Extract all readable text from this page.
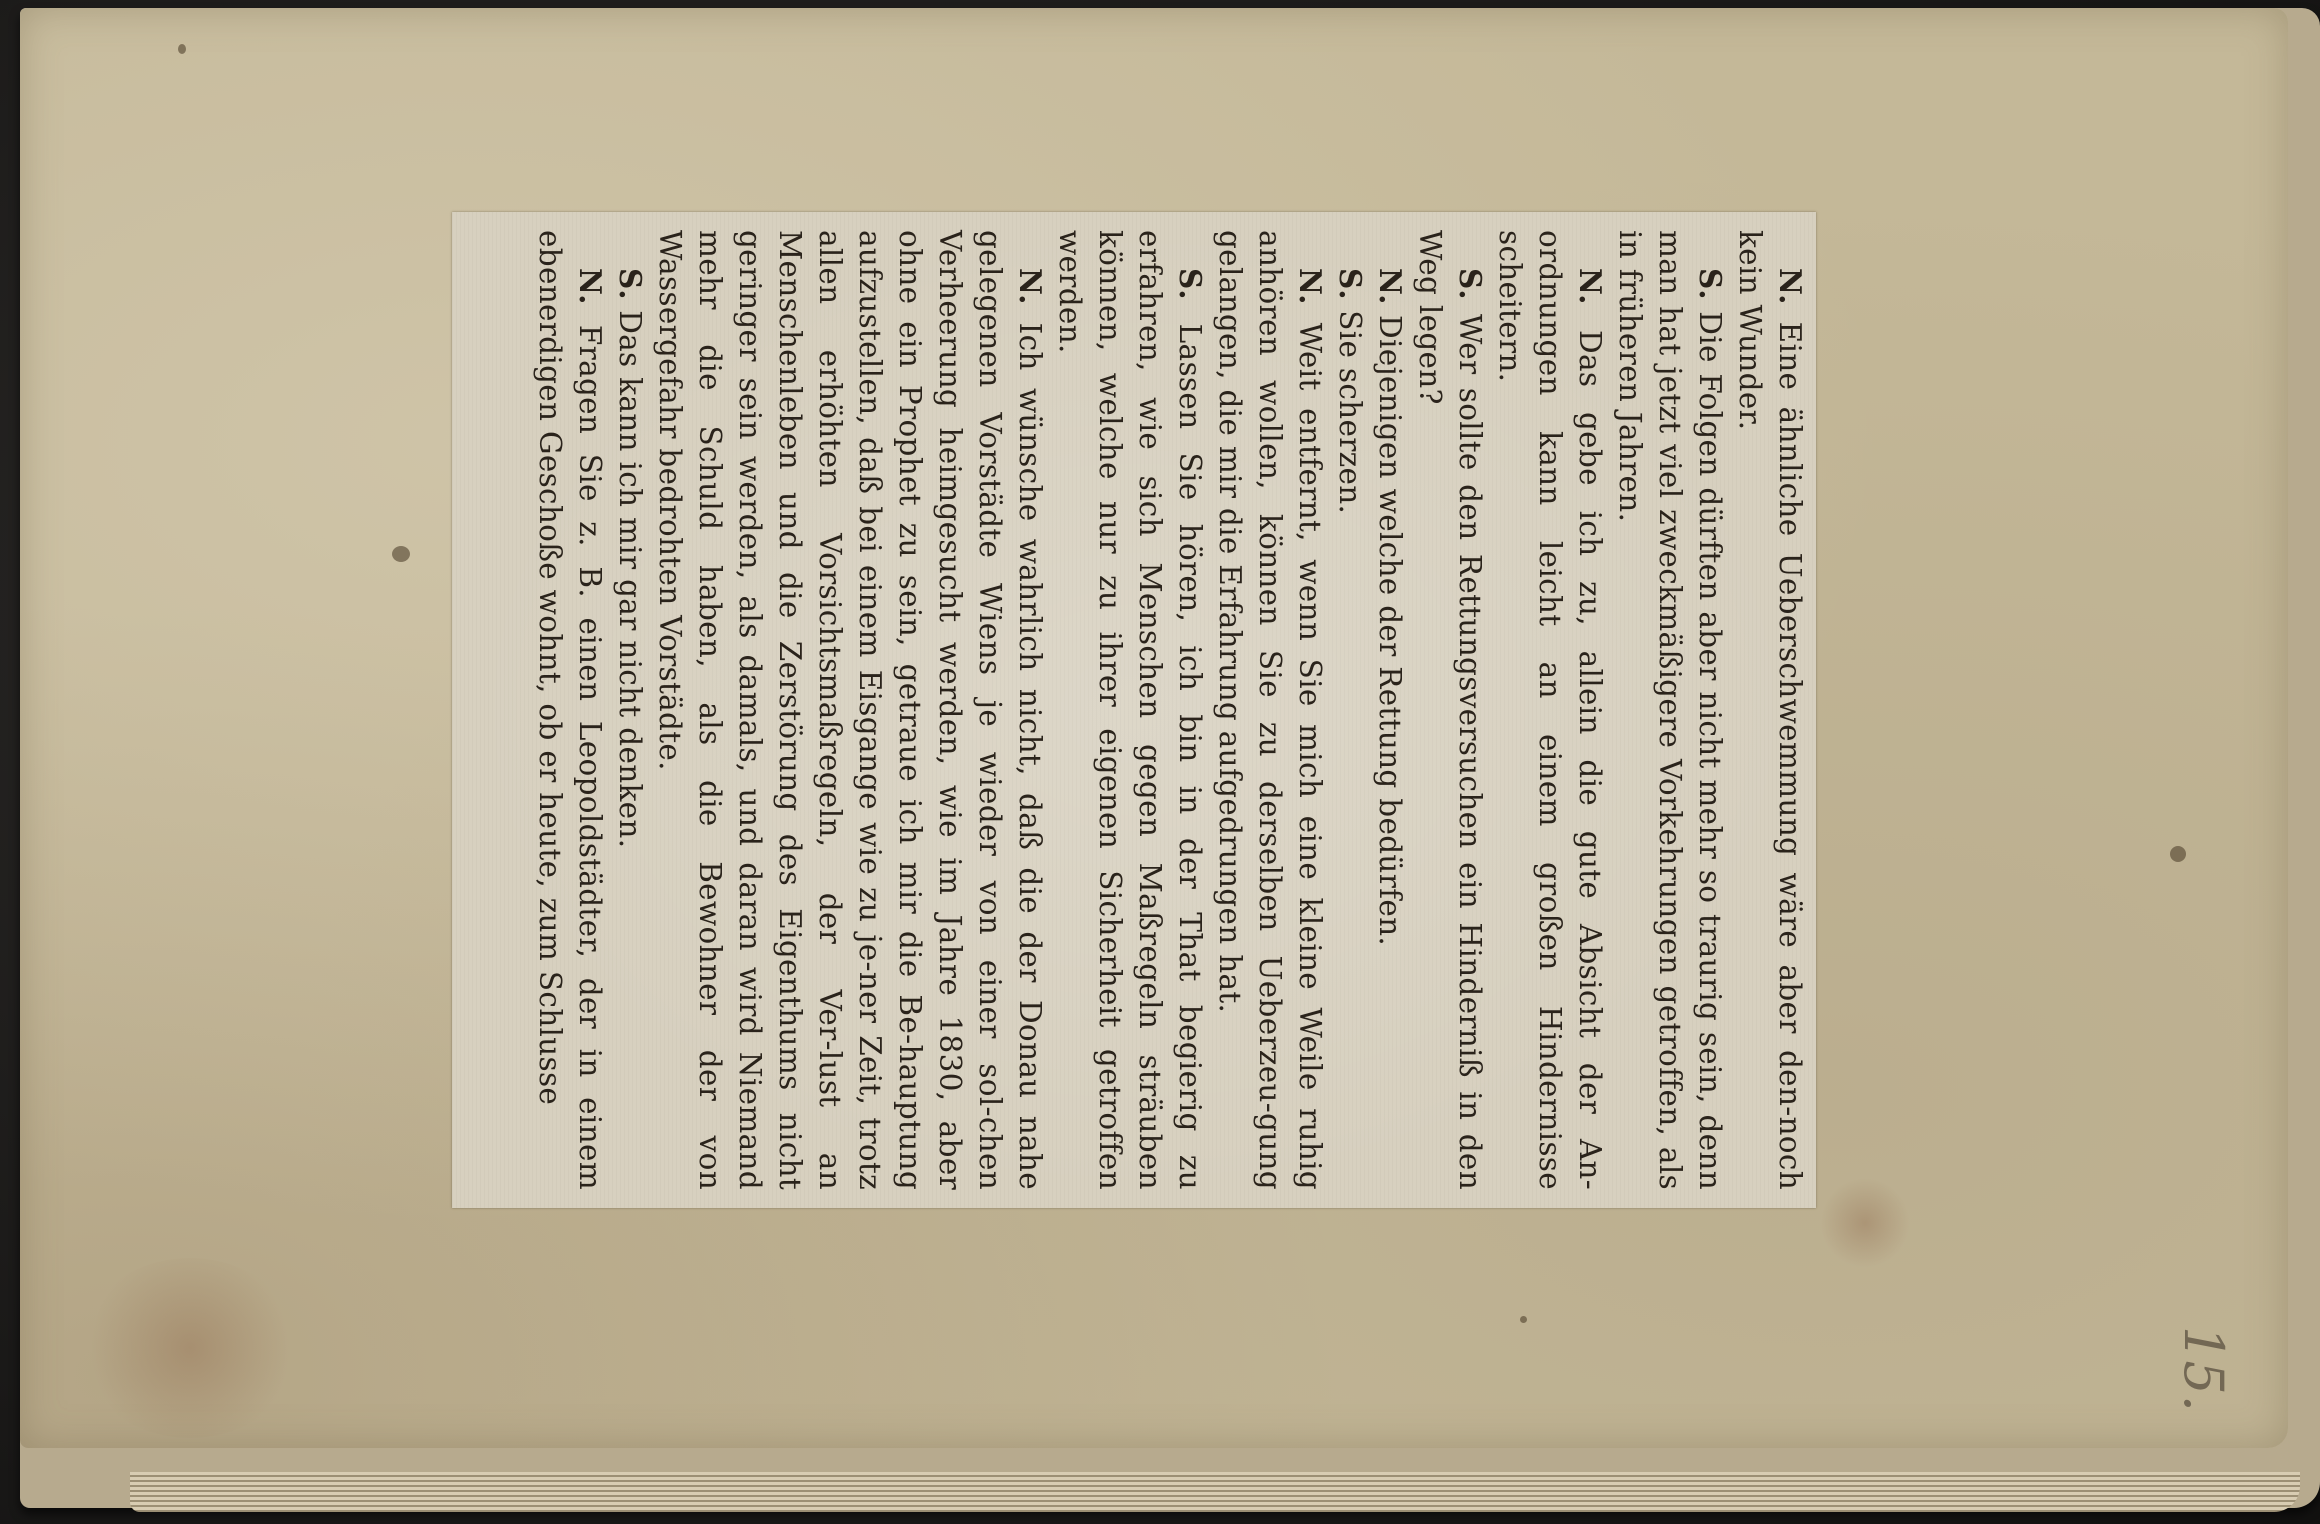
15.

N. Eine ähnliche Ueberschwemmung wäre aber den-noch kein Wunder.

S. Die Folgen dürften aber nicht mehr so traurig sein, denn man hat jetzt viel zweckmäßigere Vorkehrungen getroffen, als in früheren Jahren.

N. Das gebe ich zu, allein die gute Absicht der An-ordnungen kann leicht an einem großen Hindernisse scheitern.

S. Wer sollte den Rettungsversuchen ein Hinderniß in den Weg legen?

N. Diejenigen welche der Rettung bedürfen.

S. Sie scherzen.

N. Weit entfernt, wenn Sie mich eine kleine Weile ruhig anhören wollen, können Sie zu derselben Ueberzeu-gung gelangen, die mir die Erfahrung aufgedrungen hat.

S. Lassen Sie hören, ich bin in der That begierig zu erfahren, wie sich Menschen gegen Maßregeln sträuben können, welche nur zu ihrer eigenen Sicherheit getroffen werden.

N. Ich wünsche wahrlich nicht, daß die der Donau nahe gelegenen Vorstädte Wiens je wieder von einer sol-chen Verheerung heimgesucht werden, wie im Jahre 1830, aber ohne ein Prophet zu sein, getraue ich mir die Be-hauptung aufzustellen, daß bei einem Eisgange wie zu je-ner Zeit, trotz allen erhöhten Vorsichtsmaßregeln, der Ver-lust an Menschenleben und die Zerstörung des Eigenthums nicht geringer sein werden, als damals, und daran wird Niemand mehr die Schuld haben, als die Bewohner der von Wassergefahr bedrohten Vorstädte.

S. Das kann ich mir gar nicht denken.

N. Fragen Sie z. B. einen Leopoldstädter, der in einem ebenerdigen Geschoße wohnt, ob er heute, zum Schlusse
